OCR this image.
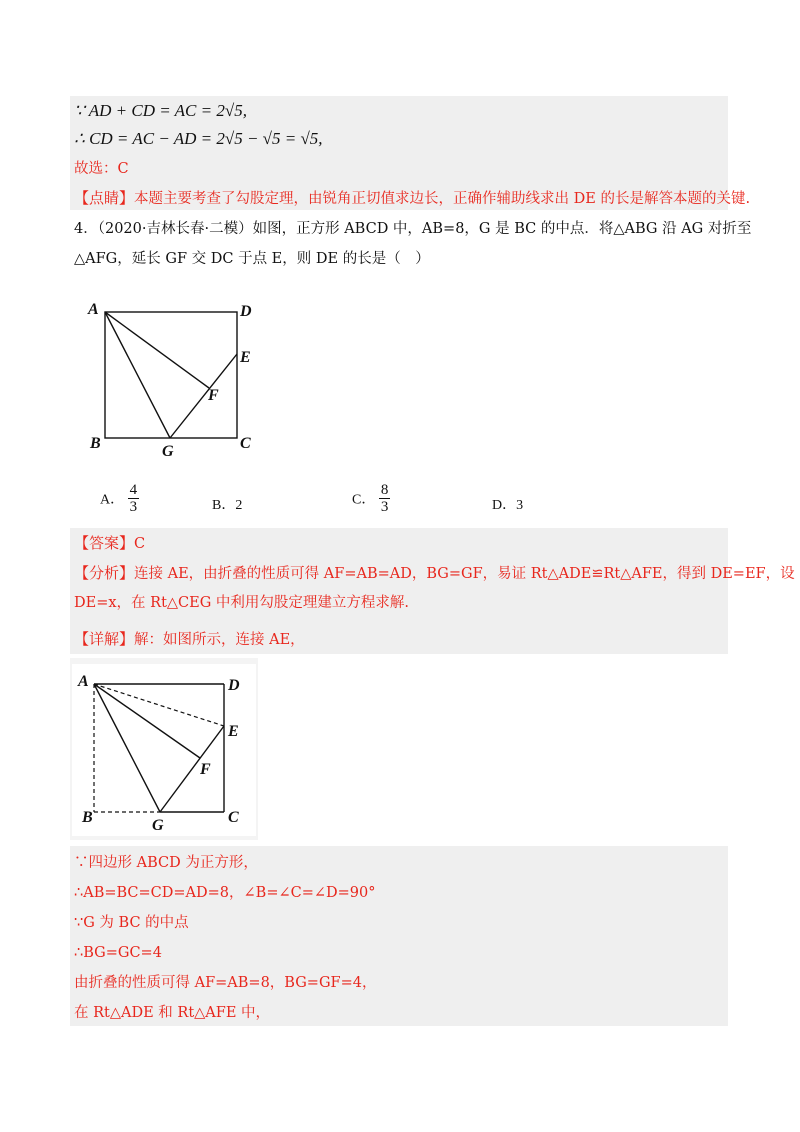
∵ AD + CD = AC = 2√5,
∴ CD = AC − AD = 2√5 − √5 = √5,
故选：C
【点睛】本题主要考查了勾股定理，由锐角正切值求边长，正确作辅助线求出 DE 的长是解答本题的关键.
4．（2020·吉林长春·二模）如图，正方形 ABCD 中，AB=8，G 是 BC 的中点．将△ABG 沿 AG 对折至
△AFG，延长 GF 交 DC 于点 E，则 DE 的长是（　）
A	D
E
F
B	G	C
A． $\frac{4}{3}$	B．2	C． $\frac{8}{3}$	D．3
【答案】C
【分析】连接 AE，由折叠的性质可得 AF=AB=AD，BG=GF，易证 Rt△ADE≌Rt△AFE，得到 DE=EF，设
DE=x，在 Rt△CEG 中利用勾股定理建立方程求解.
【详解】解：如图所示，连接 AE，
A	D
E
F
B	G	C
∵四边形 ABCD 为正方形，
∴AB=BC=CD=AD=8，∠B=∠C=∠D=90°
∵G 为 BC 的中点
∴BG=GC=4
由折叠的性质可得 AF=AB=8，BG=GF=4，
在 Rt△ADE 和 Rt△AFE 中，
